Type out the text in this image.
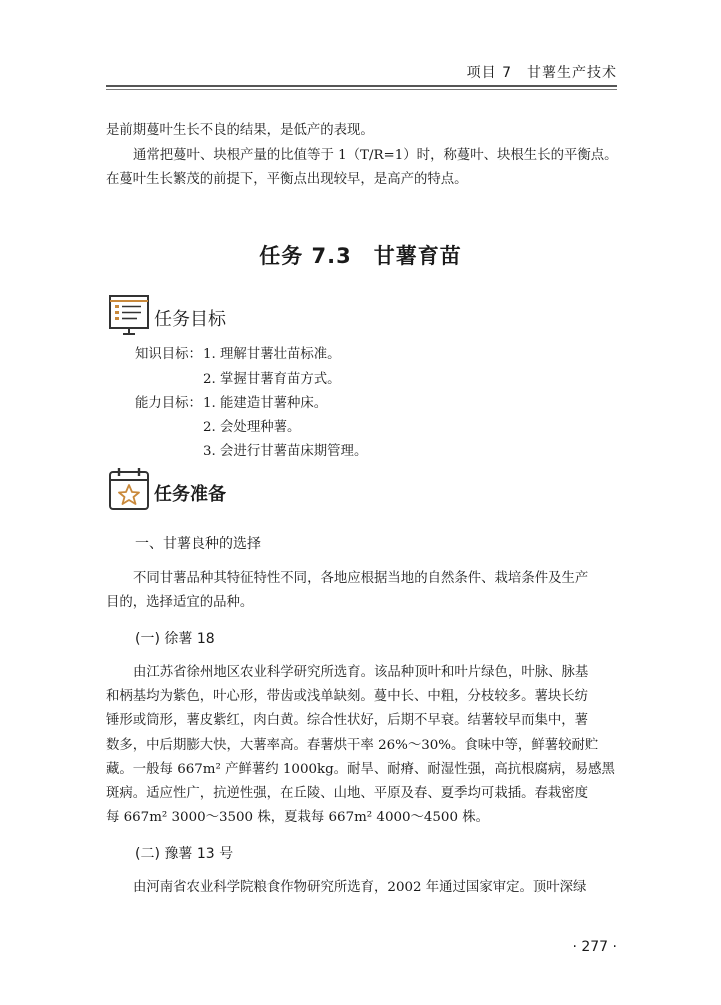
项目 7　甘薯生产技术

是前期蔓叶生长不良的结果，是低产的表现。

通常把蔓叶、块根产量的比值等于 1（T/R=1）时，称蔓叶、块根生长的平衡点。

在蔓叶生长繁茂的前提下，平衡点出现较早，是高产的特点。

任务 7.3　甘薯育苗
任务目标
知识目标： 1. 理解甘薯壮苗标准。
2. 掌握甘薯育苗方式。
能力目标： 1. 能建造甘薯种床。
2. 会处理种薯。
3. 会进行甘薯苗床期管理。
任务准备
一、甘薯良种的选择

不同甘薯品种其特征特性不同，各地应根据当地的自然条件、栽培条件及生产

目的，选择适宜的品种。

(一) 徐薯 18

由江苏省徐州地区农业科学研究所选育。该品种顶叶和叶片绿色，叶脉、脉基

和柄基均为紫色，叶心形，带齿或浅单缺刻。蔓中长、中粗，分枝较多。薯块长纺

锤形或筒形，薯皮紫红，肉白黄。综合性状好，后期不早衰。结薯较早而集中，薯

数多，中后期膨大快，大薯率高。春薯烘干率 26%～30%。食味中等，鲜薯较耐贮

藏。一般每 667m² 产鲜薯约 1000kg。耐旱、耐瘠、耐湿性强，高抗根腐病，易感黑

斑病。适应性广，抗逆性强，在丘陵、山地、平原及春、夏季均可栽插。春栽密度

每 667m² 3000～3500 株，夏栽每 667m² 4000～4500 株。

(二) 豫薯 13 号

由河南省农业科学院粮食作物研究所选育，2002 年通过国家审定。顶叶深绿

· 277 ·
